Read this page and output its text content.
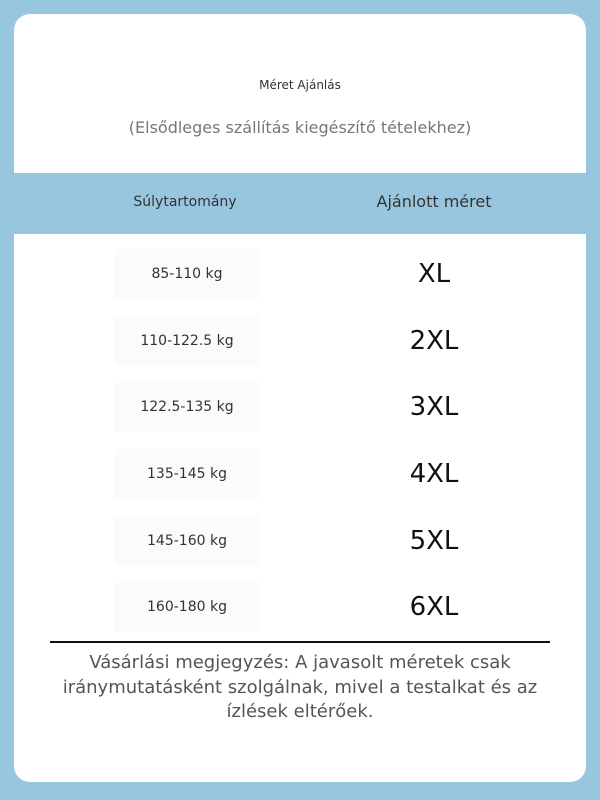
Méret Ajánlás
(Elsődleges szállítás kiegészítő tételekhez)
Súlytartomány	Ajánlott méret
85-110 kg	XL
110-122.5 kg	2XL
122.5-135 kg	3XL
135-145 kg	4XL
145-160 kg	5XL
160-180 kg	6XL
Vásárlási megjegyzés: A javasolt méretek csak iránymutatásként szolgálnak, mivel a testalkat és az ízlések eltérőek.
